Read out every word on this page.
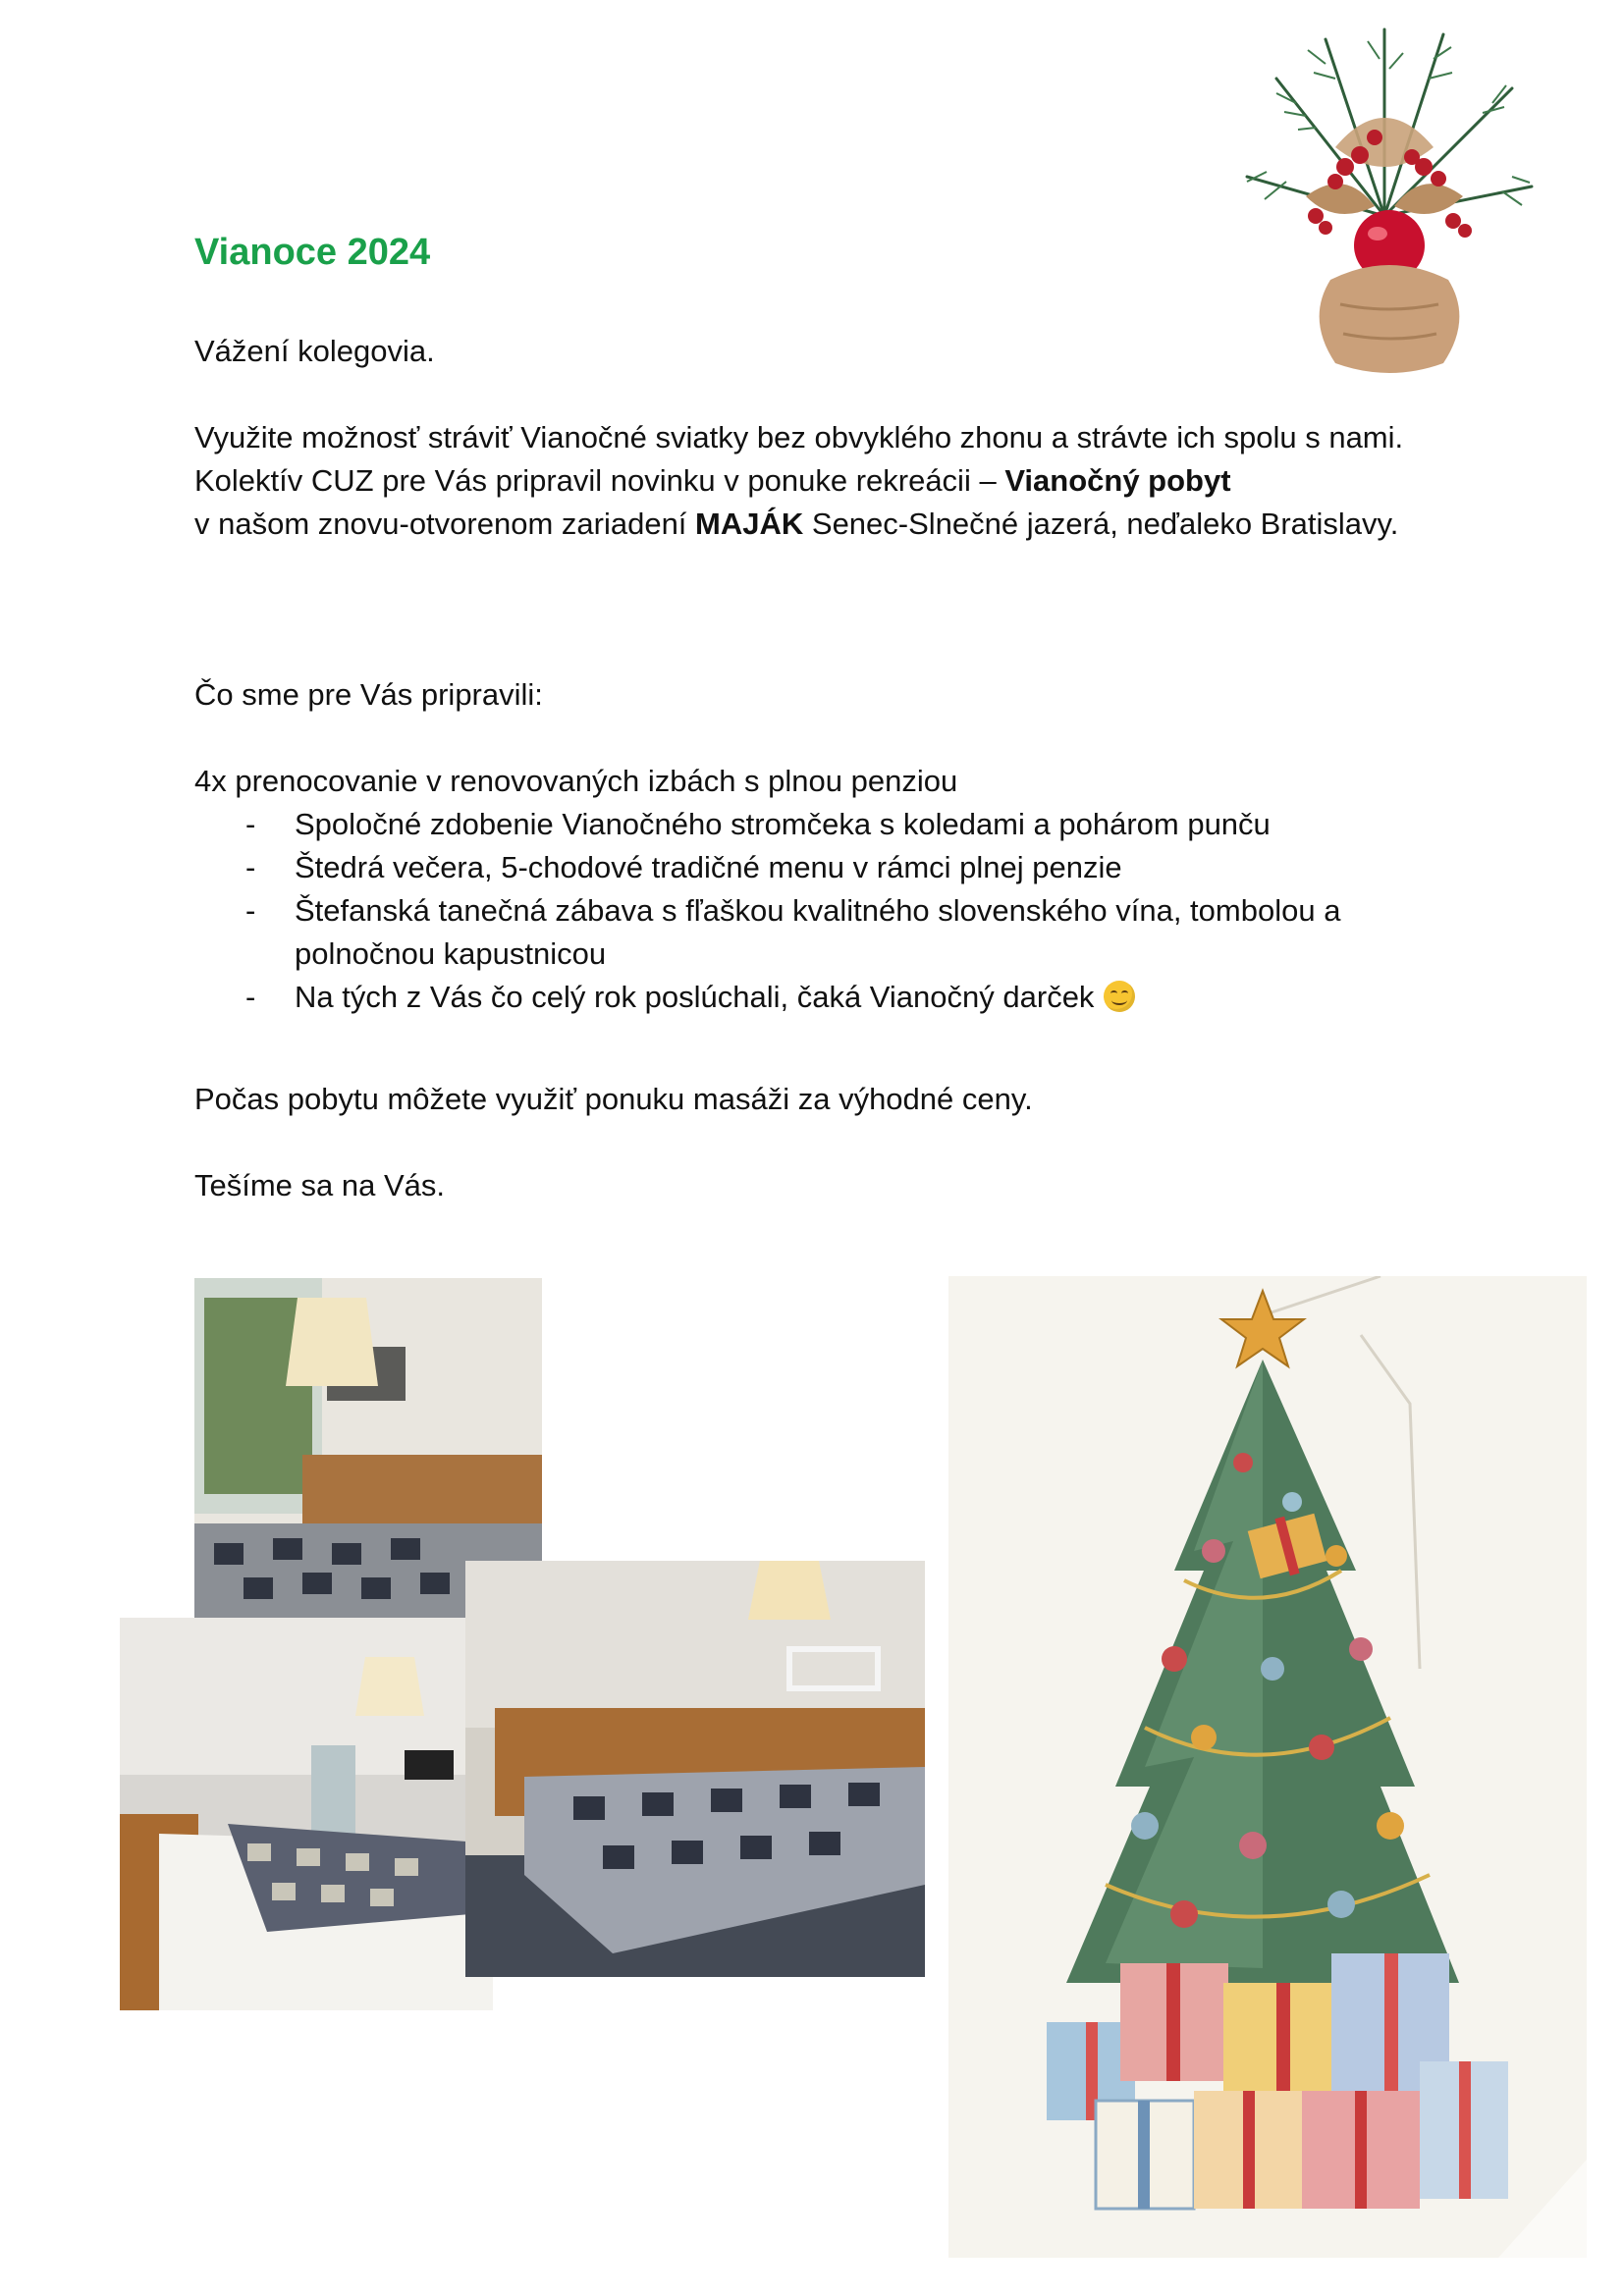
Vianoce 2024

Vážení kolegovia.

Využite možnosť stráviť Vianočné sviatky bez obvyklého zhonu a strávte ich spolu s nami.
Kolektív CUZ pre Vás pripravil novinku v ponuke rekreácii – Vianočný pobyt
v našom znovu-otvorenom zariadení MAJÁK Senec-Slnečné jazerá, neďaleko Bratislavy.

Čo sme pre Vás pripravili:

4x prenocovanie v renovovaných izbách s plnou penziou

- Spoločné zdobenie Vianočného stromčeka s koledami a pohárom punču
- Štedrá večera, 5-chodové tradičné menu v rámci plnej penzie
- Štefanská tanečná zábava s fľaškou kvalitného slovenského vína, tombolou a polnočnou kapustnicou
- Na tých z Vás čo celý rok poslúchali, čaká Vianočný darček

Počas pobytu môžete využiť ponuku masáži za výhodné ceny.

Tešíme sa na Vás.
